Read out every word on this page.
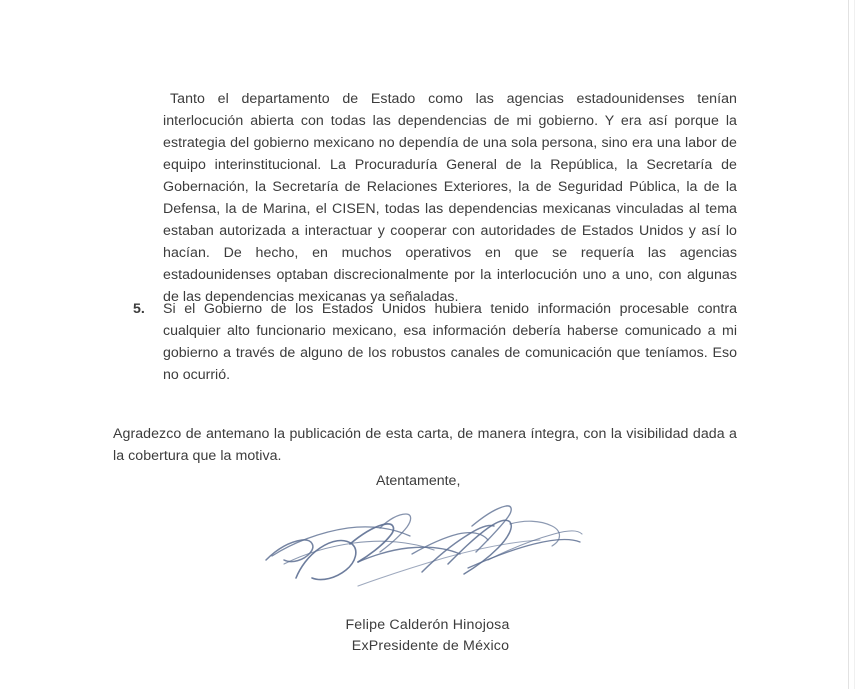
Tanto el departamento de Estado como las agencias estadounidenses tenían interlocución abierta con todas las dependencias de mi gobierno. Y era así porque la estrategia del gobierno mexicano no dependía de una sola persona, sino era una labor de equipo interinstitucional. La Procuraduría General de la República, la Secretaría de Gobernación, la Secretaría de Relaciones Exteriores, la de Seguridad Pública, la de la Defensa, la de Marina, el CISEN, todas las dependencias mexicanas vinculadas al tema estaban autorizada a interactuar y cooperar con autoridades de Estados Unidos y así lo hacían. De hecho, en muchos operativos en que se requería las agencias estadounidenses optaban discrecionalmente por la interlocución uno a uno, con algunas de las dependencias mexicanas ya señaladas.

5.	Si el Gobierno de los Estados Unidos hubiera tenido información procesable contra cualquier alto funcionario mexicano, esa información debería haberse comunicado a mi gobierno a través de alguno de los robustos canales de comunicación que teníamos. Eso no ocurrió.

Agradezco de antemano la publicación de esta carta, de manera íntegra, con la visibilidad dada a la cobertura que la motiva.

Atentamente,
Felipe Calderón Hinojosa
ExPresidente de México
